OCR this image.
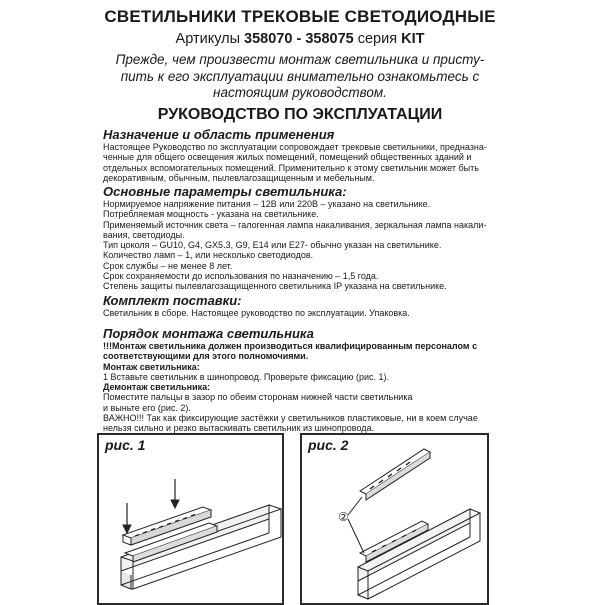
СВЕТИЛЬНИКИ ТРЕКОВЫЕ СВЕТОДИОДНЫЕ
Артикулы 358070 - 358075 серия KIT
Прежде, чем произвести монтаж светильника и присту-
пить к его эксплуатации внимательно ознакомьтесь с
настоящим руководством.
РУКОВОДСТВО ПО ЭКСПЛУАТАЦИИ
Назначение и область применения
Настоящее Руководство по эксплуатации сопровождает трековые светильники, предназна-
ченные для общего освещения жилых помещений, помещений общественных зданий и
отдельных вспомогательных помещений. Применительно к этому светильник может быть
декоративным, обычным, пылевлагозащищенным и мебельным.
Основные параметры светильника:
Нормируемое напряжение питания – 12В или 220В – указано на светильнике.
Потребляемая мощность - указана на светильнике.
Применяемый источник света – галогенная лампа накаливания, зеркальная лампа накали-
вания, светодиоды.
Тип цоколя – GU10, G4, GX5.3, G9, E14 или E27- обычно указан на светильнике.
Количество ламп – 1, или несколько светодиодов.
Срок службы – не менее 8 лет.
Срок сохраняемости до использования по назначению – 1,5 года.
Степень защиты пылевлагозащищенного светильника IP указана на светильнике.
Комплект поставки:
Светильник в сборе. Настоящее руководство по эксплуатации. Упаковка.
Порядок монтажа светильника
!!!Монтаж светильника должен производиться квалифицированным персоналом с
соответствующими для этого полномочиями.
Монтаж светильника:
1 Вставьте светильник в шинопровод. Проверьте фиксацию (рис. 1).
Демонтаж светильника:
Поместите пальцы в зазор по обеим сторонам нижней части светильника
и выньте его (рис. 2).
ВАЖНО!!! Так как фиксирующие застёжки у светильников пластиковые, ни в коем случае
нельзя сильно и резко вытаскивать светильник из шинопровода.
рис. 1	рис. 2
②
